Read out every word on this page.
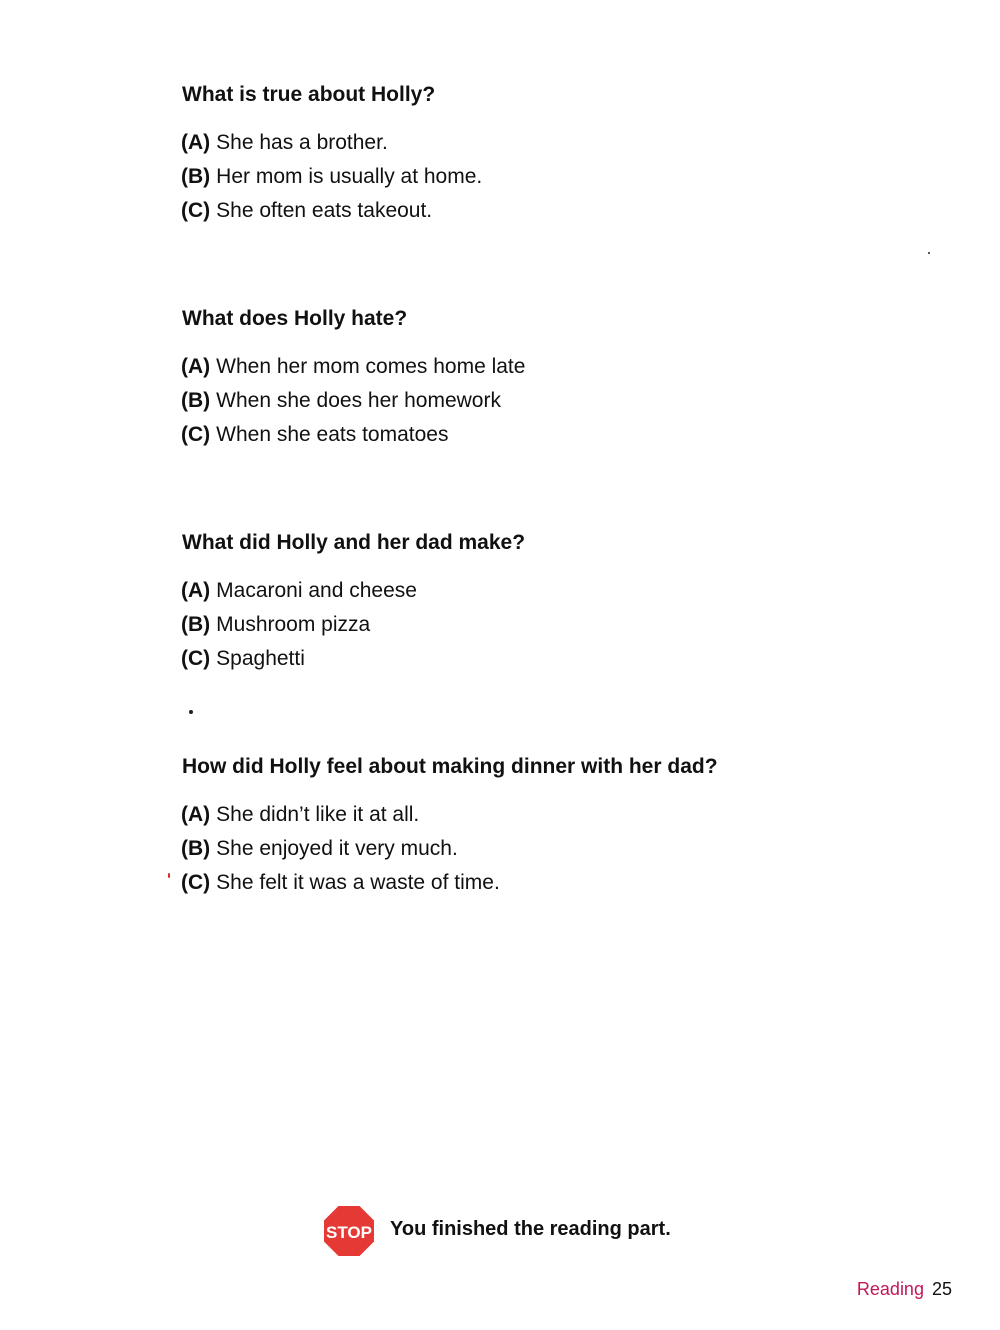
What is true about Holly?
(A) She has a brother.
(B) Her mom is usually at home.
(C) She often eats takeout.
What does Holly hate?
(A) When her mom comes home late
(B) When she does her homework
(C) When she eats tomatoes
What did Holly and her dad make?
(A) Macaroni and cheese
(B) Mushroom pizza
(C) Spaghetti
How did Holly feel about making dinner with her dad?
(A) She didn’t like it at all.
(B) She enjoyed it very much.
(C) She felt it was a waste of time.
STOP You finished the reading part.
Reading 25
